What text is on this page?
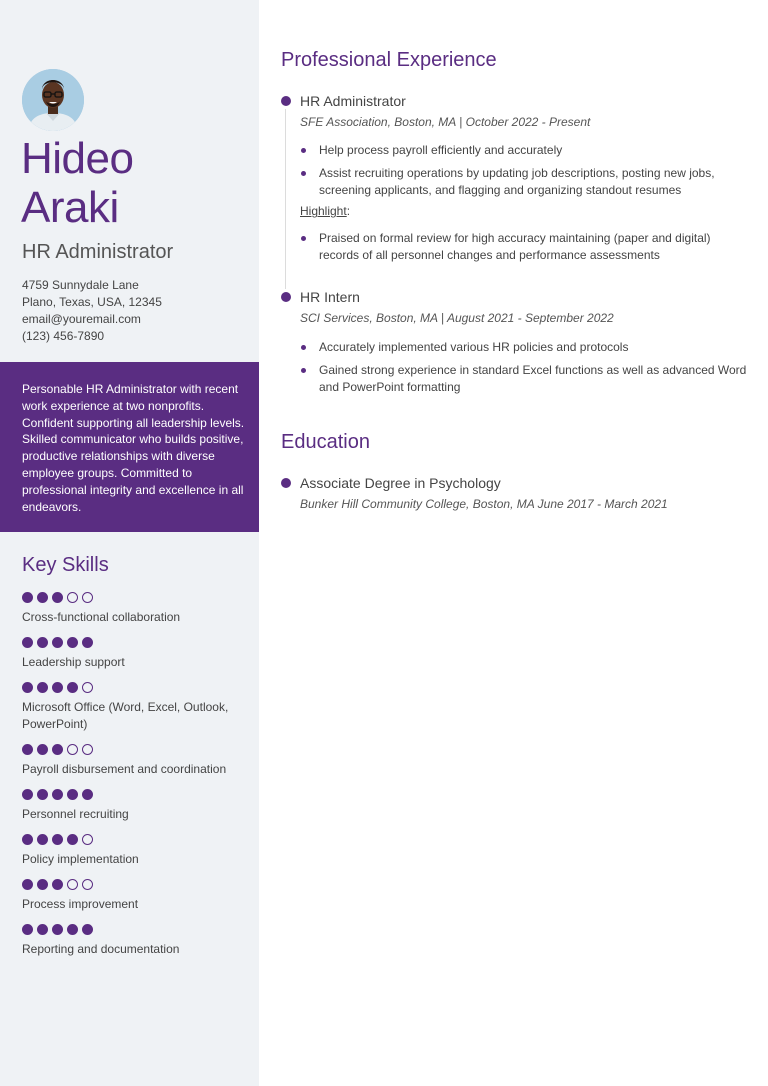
Hideo
Araki
HR Administrator
4759 Sunnydale Lane
Plano, Texas, USA, 12345
email@youremail.com
(123) 456-7890
Personable HR Administrator with recent work experience at two nonprofits. Confident supporting all leadership levels. Skilled communicator who builds positive, productive relationships with diverse employee groups. Committed to professional integrity and excellence in all endeavors.
Key Skills
Cross-functional collaboration
Leadership support
Microsoft Office (Word, Excel, Outlook, PowerPoint)
Payroll disbursement and coordination
Personnel recruiting
Policy implementation
Process improvement
Reporting and documentation
Professional Experience
HR Administrator
SFE Association, Boston, MA | October 2022 - Present
Help process payroll efficiently and accurately
Assist recruiting operations by updating job descriptions, posting new jobs, screening applicants, and flagging and organizing standout resumes
Highlight:
Praised on formal review for high accuracy maintaining (paper and digital) records of all personnel changes and performance assessments
HR Intern
SCI Services, Boston, MA | August 2021 - September 2022
Accurately implemented various HR policies and protocols
Gained strong experience in standard Excel functions as well as advanced Word and PowerPoint formatting
Education
Associate Degree in Psychology
Bunker Hill Community College, Boston, MA June 2017 - March 2021
